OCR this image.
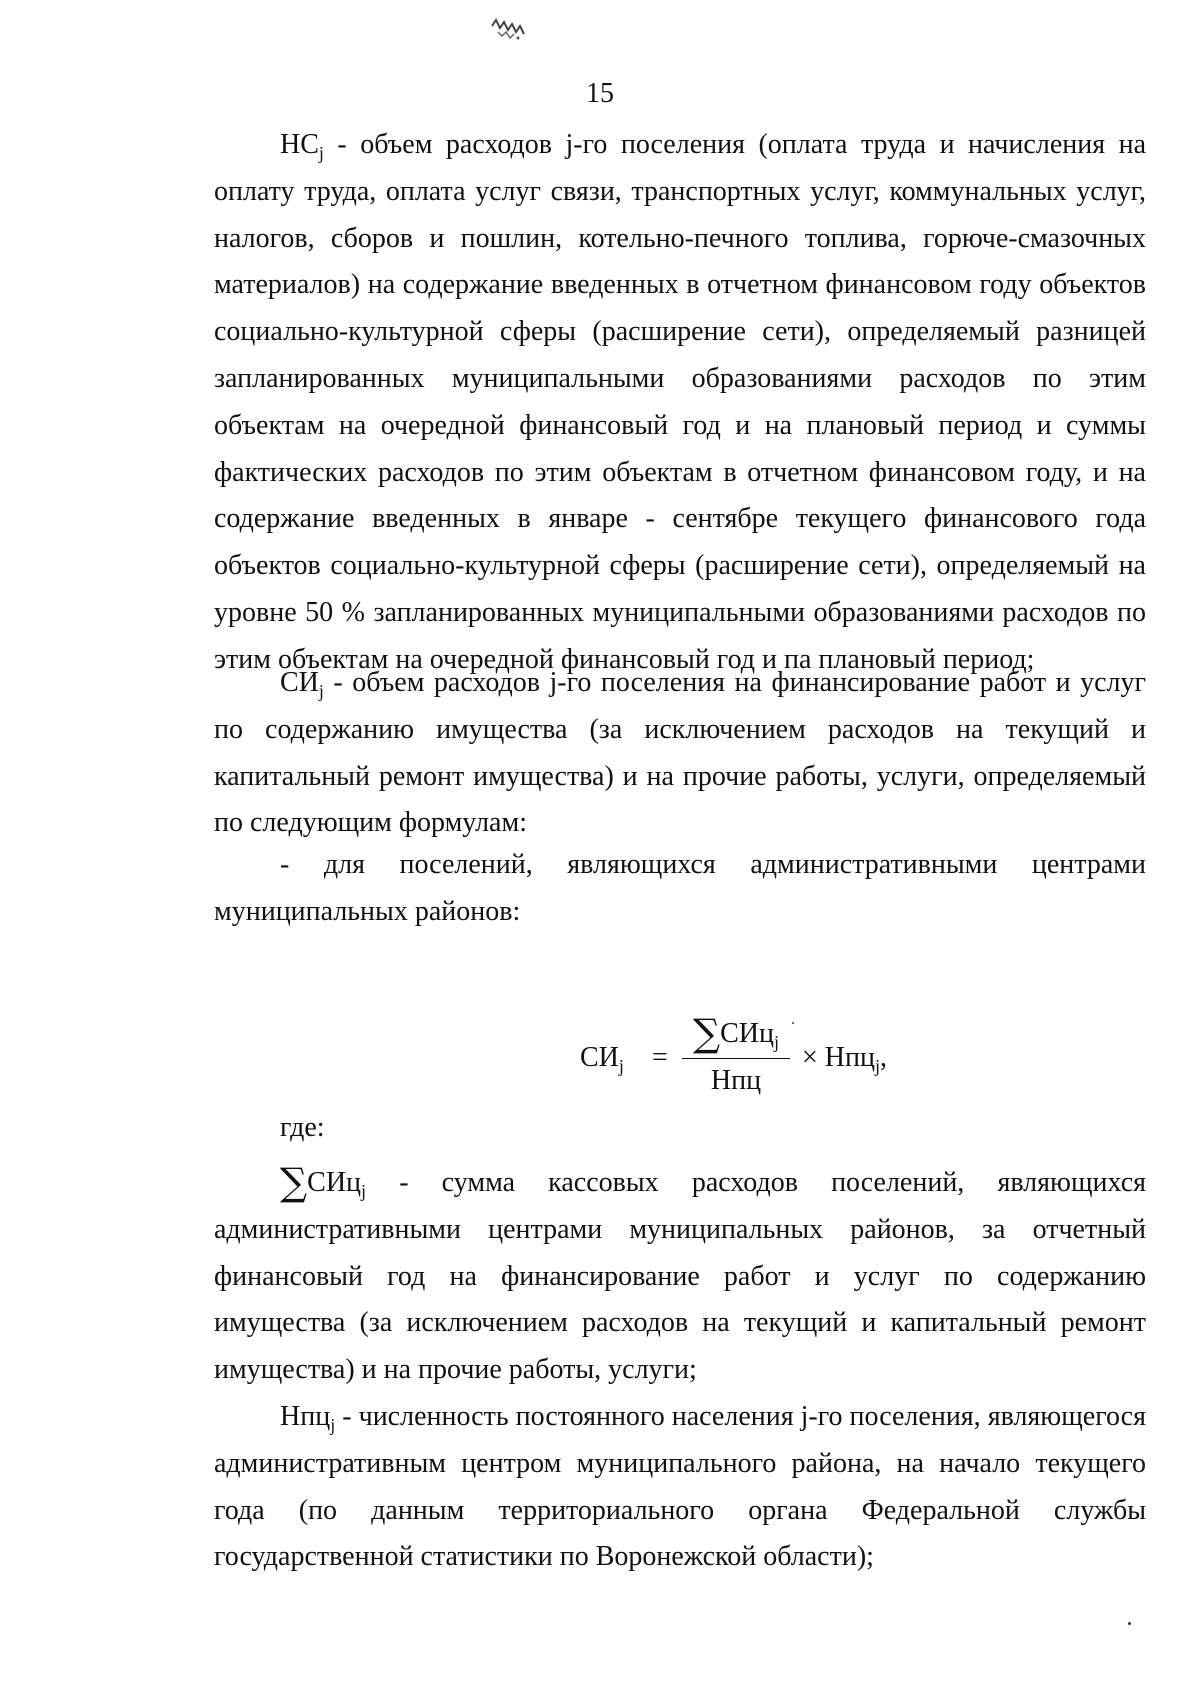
15

$НС_j$ - объем расходов j-го поселения (оплата труда и начисления на оплату труда, оплата услуг связи, транспортных услуг, коммунальных услуг, налогов, сборов и пошлин, котельно-печного топлива, горюче-смазочных материалов) на содержание введенных в отчетном финансовом году объектов социально-культурной сферы (расширение сети), определяемый разницей запланированных муниципальными образованиями расходов по этим объектам на очередной финансовый год и на плановый период и суммы фактических расходов по этим объектам в отчетном финансовом году, и на содержание введенных в январе - сентябре текущего финансового года объектов социально-культурной сферы (расширение сети), определяемый на уровне 50 % запланированных муниципальными образованиями расходов по этим объектам на очередной финансовый год и па плановый период;

$СИ_j$ - объем расходов j-го поселения на финансирование работ и услуг по содержанию имущества (за исключением расходов на текущий и капитальный ремонт имущества) и на прочие работы, услуги, определяемый по следующим формулам:

- для поселений, являющихся административными центрами муниципальных районов:

$СИ_j$ =
∑СИц$_j$
Нпц
× Нпц$_j$,
где:

∑СИц$_j$ - сумма кассовых расходов поселений, являющихся административными центрами муниципальных районов, за отчетный финансовый год на финансирование работ и услуг по содержанию имущества (за исключением расходов на текущий и капитальный ремонт имущества) и на прочие работы, услуги;

Нпц$_j$ - численность постоянного населения j-го поселения, являющегося административным центром муниципального района, на начало текущего года (по данным территориального органа Федеральной службы государственной статистики по Воронежской области);
